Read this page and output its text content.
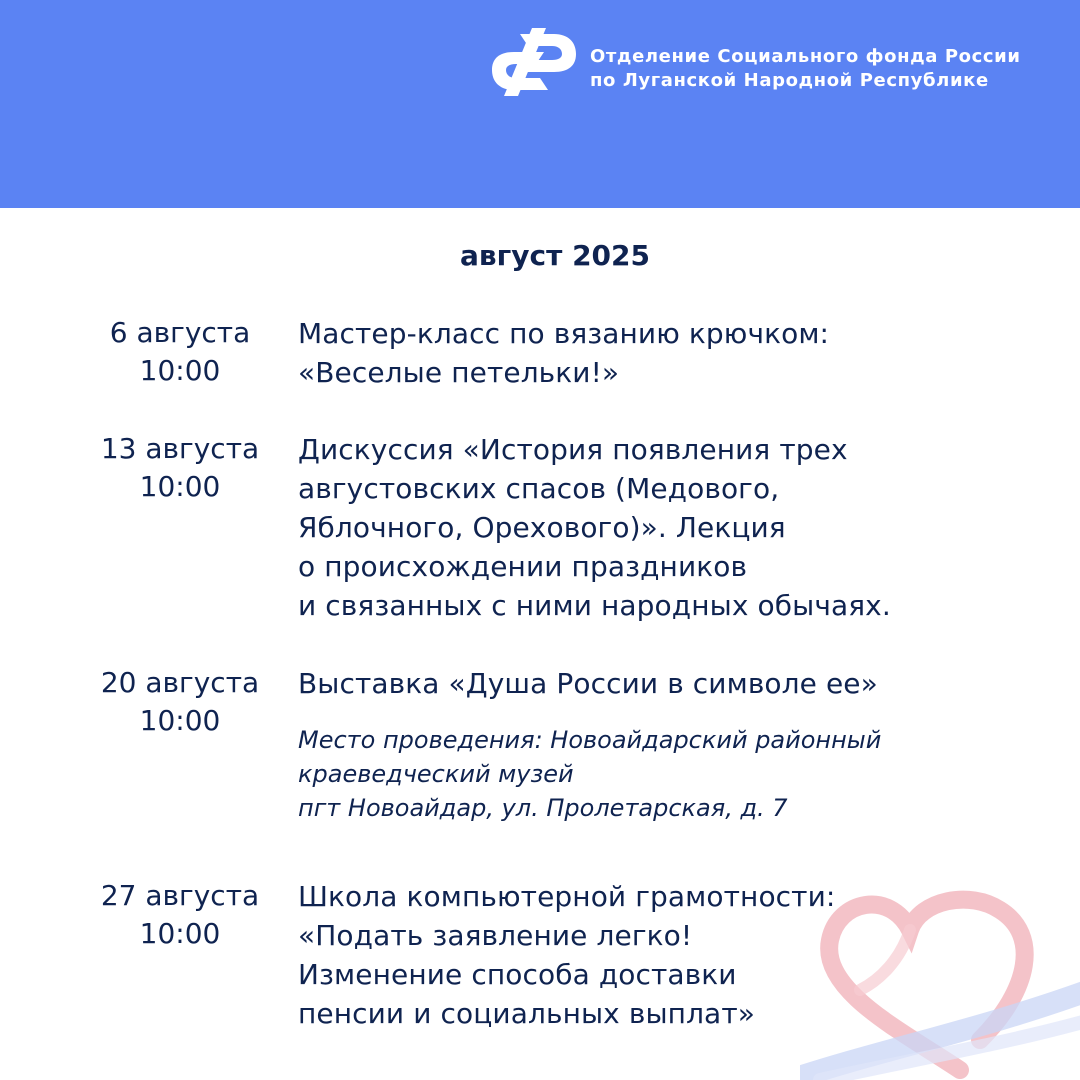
Отделение Социального фонда России
по Луганской Народной Республике
август 2025
6 августа
10:00
Мастер-класс по вязанию крючком:
«Веселые петельки!»
13 августа
10:00
Дискуссия «История появления трех
августовских спасов (Медового,
Яблочного, Орехового)». Лекция
о происхождении праздников
и связанных с ними народных обычаях.
20 августа
10:00
Выставка «Душа России в символе ее»
Место проведения: Новоайдарский районный
краеведческий музей
пгт Новоайдар, ул. Пролетарская, д. 7
27 августа
10:00
Школа компьютерной грамотности:
«Подать заявление легко!
Изменение способа доставки
пенсии и социальных выплат»
